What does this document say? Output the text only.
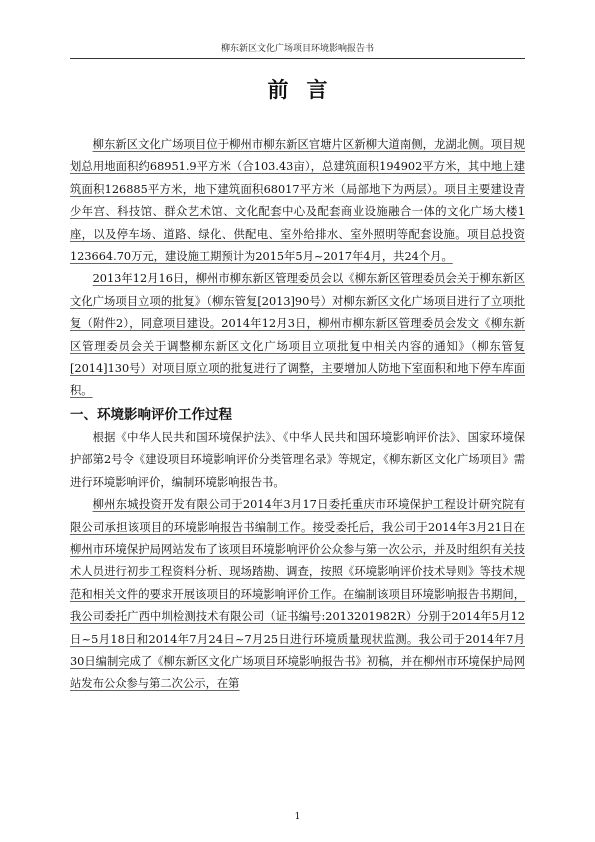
柳东新区文化广场项目环境影响报告书
前言

柳东新区文化广场项目位于柳州市柳东新区官塘片区新柳大道南侧，龙湖北侧。项目规划总用地面积约68951.9平方米（合103.43亩），总建筑面积194902平方米，其中地上建筑面积126885平方米，地下建筑面积68017平方米（局部地下为两层）。项目主要建设青少年宫、科技馆、群众艺术馆、文化配套中心及配套商业设施融合一体的文化广场大楼1座，以及停车场、道路、绿化、供配电、室外给排水、室外照明等配套设施。项目总投资123664.70万元，建设施工期预计为2015年5月~2017年4月，共24个月。

2013年12月16日，柳州市柳东新区管理委员会以《柳东新区管理委员会关于柳东新区文化广场项目立项的批复》（柳东管复[2013]90号）对柳东新区文化广场项目进行了立项批复（附件2），同意项目建设。2014年12月3日，柳州市柳东新区管理委员会发文《柳东新区管理委员会关于调整柳东新区文化广场项目立项批复中相关内容的通知》（柳东管复[2014]130号）对项目原立项的批复进行了调整，主要增加人防地下室面积和地下停车库面积。

一、环境影响评价工作过程

根据《中华人民共和国环境保护法》、《中华人民共和国环境影响评价法》、国家环境保护部第2号令《建设项目环境影响评价分类管理名录》等规定，《柳东新区文化广场项目》需进行环境影响评价，编制环境影响报告书。

柳州东城投资开发有限公司于2014年3月17日委托重庆市环境保护工程设计研究院有限公司承担该项目的环境影响报告书编制工作。接受委托后，我公司于2014年3月21日在柳州市环境保护局网站发布了该项目环境影响评价公众参与第一次公示，并及时组织有关技术人员进行初步工程资料分析、现场踏勘、调查，按照《环境影响评价技术导则》等技术规范和相关文件的要求开展该项目的环境影响评价工作。在编制该项目环境影响报告书期间，我公司委托广西中圳检测技术有限公司（证书编号:2013201982R）分别于2014年5月12日~5月18日和2014年7月24日~7月25日进行环境质量现状监测。我公司于2014年7月30日编制完成了《柳东新区文化广场项目环境影响报告书》初稿，并在柳州市环境保护局网站发布公众参与第二次公示，在第

1
